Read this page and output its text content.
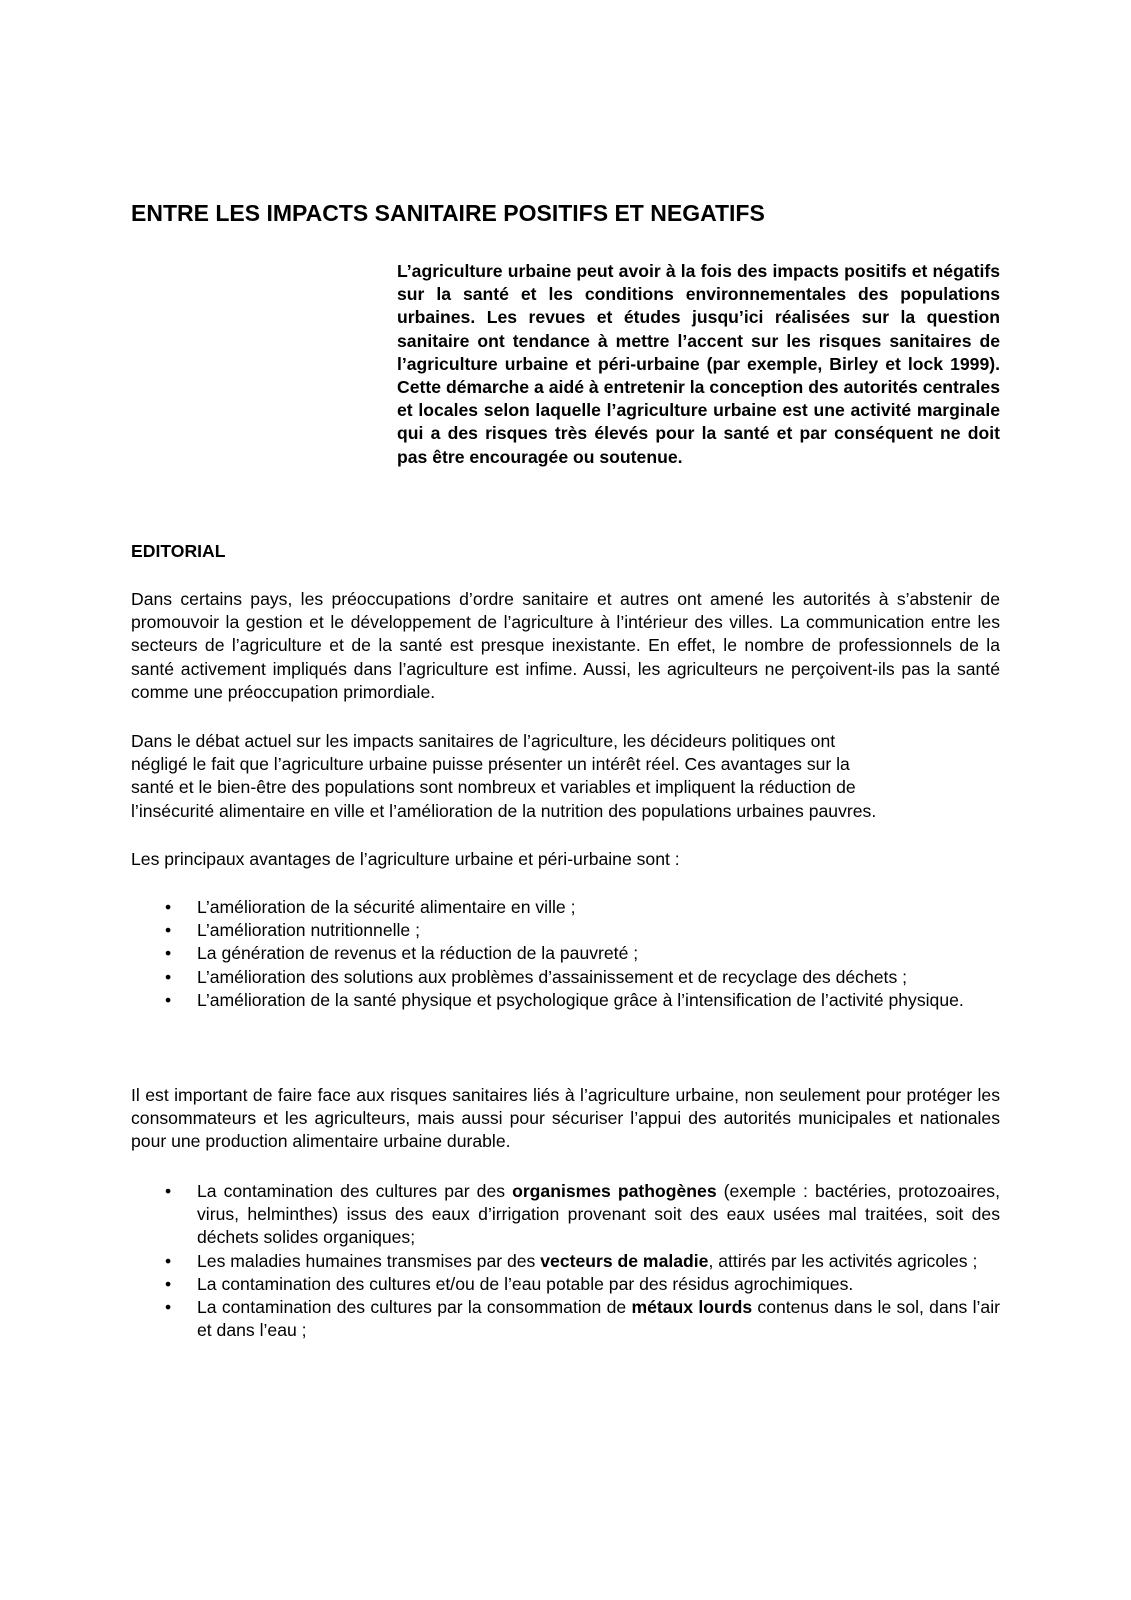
ENTRE LES IMPACTS SANITAIRE POSITIFS ET NEGATIFS

L’agriculture urbaine peut avoir à la fois des impacts positifs et négatifs sur la santé et les conditions environnementales des populations urbaines. Les revues et études jusqu’ici réalisées sur la question sanitaire ont tendance à mettre l’accent sur les risques sanitaires de l’agriculture urbaine et péri-urbaine (par exemple, Birley et lock 1999). Cette démarche a aidé à entretenir la conception des autorités centrales et locales selon laquelle l’agriculture urbaine est une activité marginale qui a des risques très élevés pour la santé et par conséquent ne doit pas être encouragée ou soutenue.

EDITORIAL

Dans certains pays, les préoccupations d’ordre sanitaire et autres ont amené les autorités à s’abstenir de promouvoir la gestion et le développement de l’agriculture à l’intérieur des villes. La communication entre les secteurs de l’agriculture et de la santé est presque inexistante. En effet, le nombre de professionnels de la santé activement impliqués dans l’agriculture est infime. Aussi, les agriculteurs ne perçoivent-ils pas la santé comme une préoccupation primordiale.

Dans le débat actuel sur les impacts sanitaires de l’agriculture, les décideurs politiques ont
négligé le fait que l’agriculture urbaine puisse présenter un intérêt réel. Ces avantages sur la
santé et le bien-être des populations sont nombreux et variables et impliquent la réduction de
l’insécurité alimentaire en ville et l’amélioration de la nutrition des populations urbaines pauvres.

Les principaux avantages de l’agriculture urbaine et péri-urbaine sont :

• L’amélioration de la sécurité alimentaire en ville ;
• L’amélioration nutritionnelle ;
• La génération de revenus et la réduction de la pauvreté ;
• L’amélioration des solutions aux problèmes d’assainissement et de recyclage des déchets ;
• L’amélioration de la santé physique et psychologique grâce à l’intensification de l’activité physique.

Il est important de faire face aux risques sanitaires liés à l’agriculture urbaine, non seulement pour protéger les consommateurs et les agriculteurs, mais aussi pour sécuriser l’appui des autorités municipales et nationales pour une production alimentaire urbaine durable.

• La contamination des cultures par des organismes pathogènes (exemple : bactéries, protozoaires, virus, helminthes) issus des eaux d’irrigation provenant soit des eaux usées mal traitées, soit des déchets solides organiques;
• Les maladies humaines transmises par des vecteurs de maladie, attirés par les activités agricoles ;
• La contamination des cultures et/ou de l’eau potable par des résidus agrochimiques.
• La contamination des cultures par la consommation de métaux lourds contenus dans le sol, dans l’air et dans l’eau ;
